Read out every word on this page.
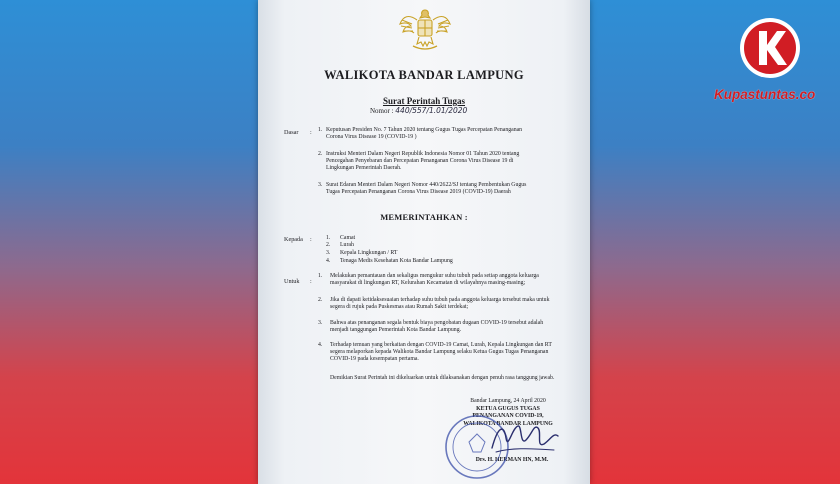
WALIKOTA BANDAR LAMPUNG
Surat Perintah Tugas
Nomor : 440/557/1.01/2020
Dasar : 1. Keputusan Presiden No. 7 Tahun 2020 tentang Gugus Tugas Percepatan Penanganan Corona Virus Disease 19 (COVID-19 )
2. Instruksi Menteri Dalam Negeri Republik Indonesia Nomor 01 Tahun 2020 tentang Pencegahan Penyebaran dan Percepatan Penanganan Corona Virus Disease 19 di Lingkungan Pemerintah Daerah.
3. Surat Edaran Menteri Dalam Negeri Nomor 440/2622/SJ tentang Pembentukan Gugus Tugas Percepatan Penanganan Corona Virus Disease 2019 (COVID-19) Daerah
MEMERINTAHKAN :
Kepada : 1. Camat
2. Lurah
3. Kepala Lingkungan / RT
4. Tenaga Medis Kesehatan Kota Bandar Lampung
Untuk :
1. Melakukan pemantauan dan sekaligus mengukur suhu tubuh pada setiap anggota keluarga masyarakat di lingkungan RT, Kelurahan Kecamatan di wilayahnya masing-masing;
2. Jika di dapati ketidaksesuaian terhadap suhu tubuh pada anggota keluarga tersebut maka untuk segera di rujuk pada Puskesmas atau Rumah Sakit terdekat;
3. Bahwa atas penanganan segala bentuk biaya pengobatan dugaan COVID-19 tersebut adalah menjadi tanggungan Pemerintah Kota Bandar Lampung.
4. Terhadap temuan yang berkaitan dengan COVID-19 Camat, Lurah, Kepala Lingkungan dan RT segera melaporkan kepada Walikota Bandar Lampung selaku Ketua Gugus Tugas Penanganan COVID-19 pada kesempatan pertama.
Demikian Surat Perintah ini dikeluarkan untuk dilaksanakan dengan penuh rasa tanggung jawab.
Bandar Lampung, 24 April 2020
KETUA GUGUS TUGAS
PENANGANAN COVID-19,
WALIKOTA BANDAR LAMPUNG
Drs. H. HERMAN HN, M.M.
Kupastuntas.co
